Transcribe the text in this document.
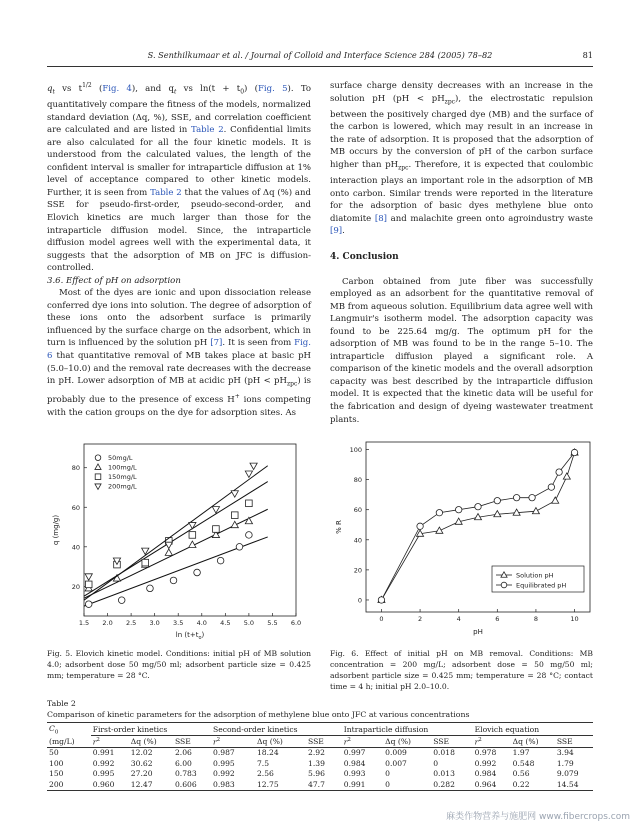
S. Senthilkumaar et al. / Journal of Colloid and Interface Science 284 (2005) 78–82	81

$q_t$ vs $t^{1/2}$ (Fig. 4), and $q_t$ vs $\ln(t + t_0)$ (Fig. 5). To quantitatively compare the fitness of the models, normalized standard deviation (Δq, %), SSE, and correlation coefficient are calculated and are listed in Table 2. Confidential limits are also calculated for all the four kinetic models. It is understood from the calculated values, the length of the confident interval is smaller for intraparticle diffusion at 1% level of acceptance compared to other kinetic models. Further, it is seen from Table 2 that the values of Δq (%) and SSE for pseudo-first-order, pseudo-second-order, and Elovich kinetics are much larger than those for the intraparticle diffusion model. Since, the intraparticle diffusion model agrees well with the experimental data, it suggests that the adsorption of MB on JFC is diffusion-controlled.

3.6. Effect of pH on adsorption

Most of the dyes are ionic and upon dissociation release conferred dye ions into solution. The degree of adsorption of these ions onto the adsorbent surface is primarily influenced by the surface charge on the adsorbent, which in turn is influenced by the solution pH [7]. It is seen from Fig. 6 that quantitative removal of MB takes place at basic pH (5.0–10.0) and the removal rate decreases with the decrease in pH. Lower adsorption of MB at acidic pH $(pH < pH_{zpc})$ is probably due to the presence of excess H+ ions competing with the cation groups on the dye for adsorption sites. As

surface charge density decreases with an increase in the solution pH $(pH < pH_{zpc})$, the electrostatic repulsion between the positively charged dye (MB) and the surface of the carbon is lowered, which may result in an increase in the rate of adsorption. It is proposed that the adsorption of MB occurs by the conversion of pH of the carbon surface higher than $pH_{zpc}$. Therefore, it is expected that coulombic interaction plays an important role in the adsorption of MB onto carbon. Similar trends were reported in the literature for the adsorption of basic dyes methylene blue onto diatomite [8] and malachite green onto agroindustry waste [9].

4. Conclusion

Carbon obtained from jute fiber was successfully employed as an adsorbent for the quantitative removal of MB from aqueous solution. Equilibrium data agree well with Langmuir's isotherm model. The adsorption capacity was found to be 225.64 mg/g. The optimum pH for the adsorption of MB was found to be in the range 5–10. The intraparticle diffusion played a significant role. A comparison of the kinetic models and the overall adsorption capacity was best described by the intraparticle diffusion model. It is expected that the kinetic data will be useful for the fabrication and design of dyeing wastewater treatment plants.

1.5 2.0 2.5 3.0 3.5 4.0 4.5 5.0 5.5 6.0
20
40
60
80
$\ln (t+t_o)$
q (mg/g)
50mg/L
100mg/L
150mg/L
200mg/L
Fig. 5. Elovich kinetic model. Conditions: initial pH of MB solution 4.0; adsorbent dose 50 mg/50 ml; adsorbent particle size = 0.425 mm; temperature = 28 °C.
0	2	4	6	8	10
0
20
40
60
80
100
pH
% R
Solution pH
Equilibrated pH
Fig. 6. Effect of initial pH on MB removal. Conditions: MB concentration = 200 mg/L; adsorbent dose = 50 mg/50 ml; adsorbent particle size = 0.425 mm; temperature = 28 °C; contact time = 4 h; initial pH 2.0–10.0.
Table 2
Comparison of kinetic parameters for the adsorption of methylene blue onto JFC at various concentrations
$C_0$	First-order kinetics			Second-order kinetics			Intraparticle diffusion			Elovich equation		
(mg/L)	$r^2$	Δq (%)	SSE	$r^2$	Δq (%)	SSE	$r^2$	Δq (%)	SSE	$r^2$	Δq (%)	SSE
50	0.991	12.02	2.06	0.987	18.24	2.92	0.997	0.009	0.018	0.978	1.97	3.94
100	0.992	30.62	6.00	0.995	7.5	1.39	0.984	0.007	0	0.992	0.548	1.79
150	0.995	27.20	0.783	0.992	2.56	5.96	0.993	0	0.013	0.984	0.56	9.079
200	0.960	12.47	0.606	0.983	12.75	47.7	0.991	0	0.282	0.964	0.22	14.54
麻类作物营养与施肥网 www.fibercrops.com
